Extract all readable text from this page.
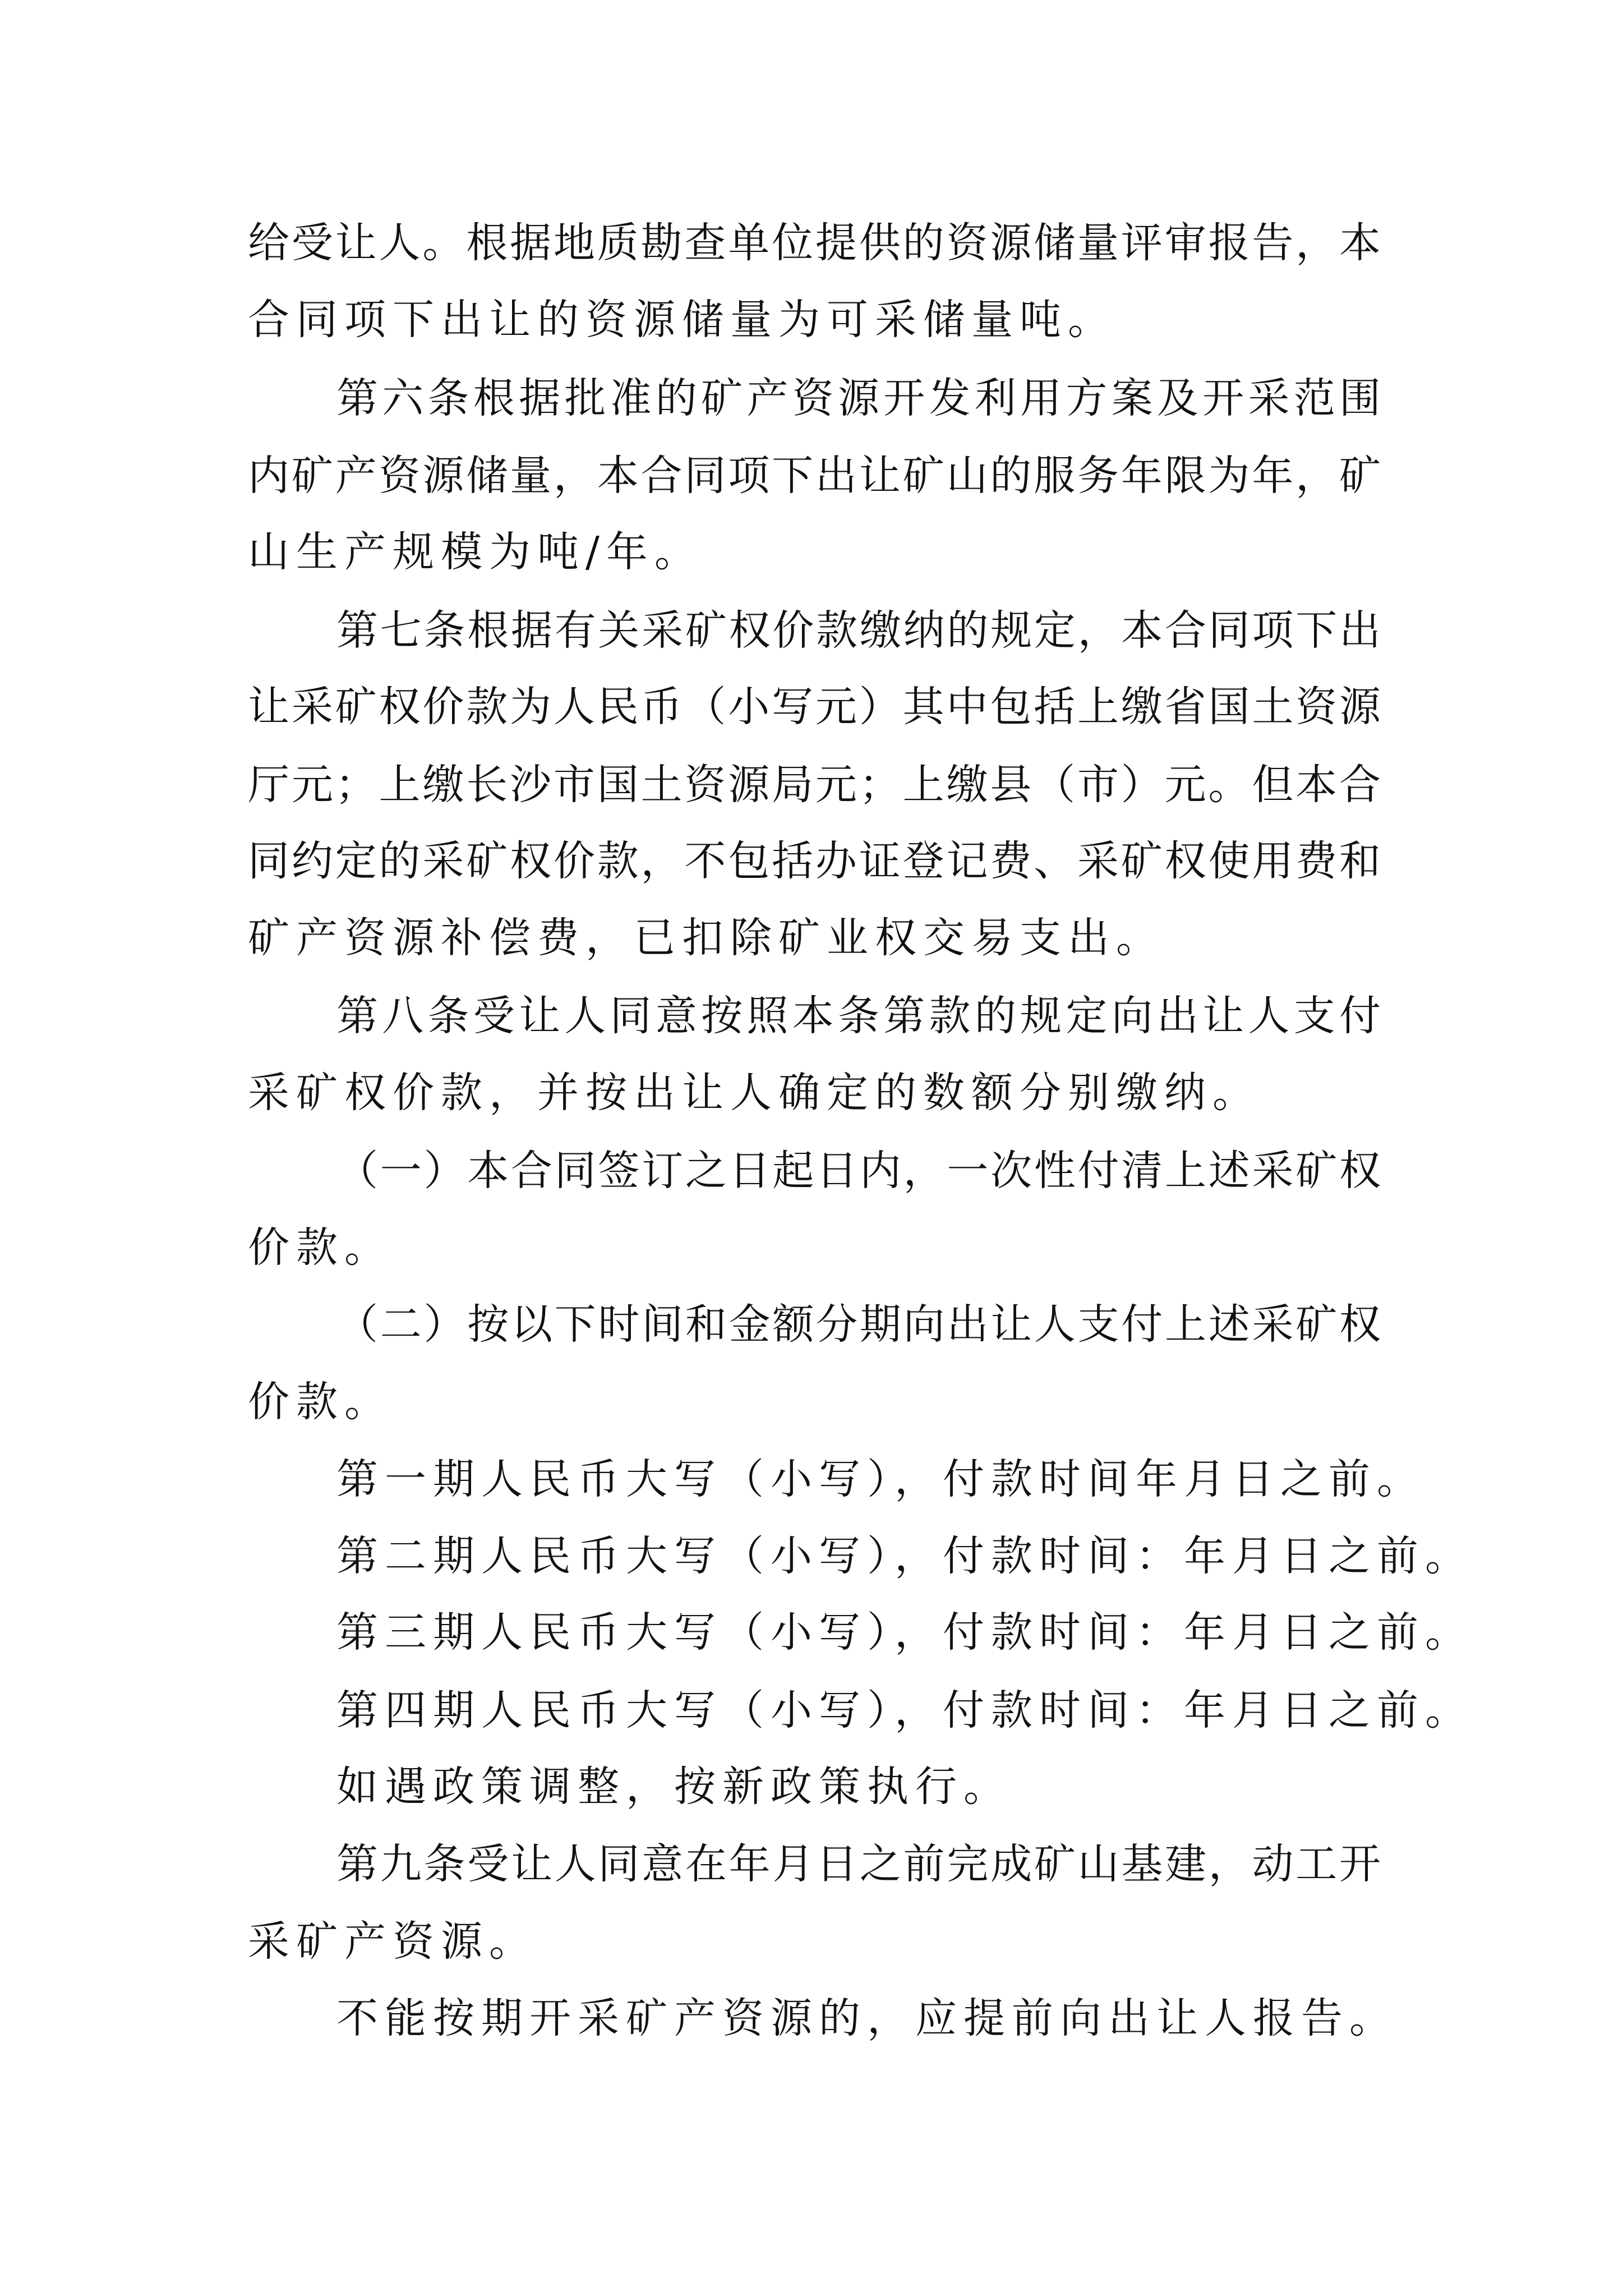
给受让人。根据地质勘查单位提供的资源储量评审报告，本
合同项下出让的资源储量为可采储量吨。
第六条根据批准的矿产资源开发利用方案及开采范围
内矿产资源储量，本合同项下出让矿山的服务年限为年，矿
山生产规模为吨/年。
第七条根据有关采矿权价款缴纳的规定，本合同项下出
让采矿权价款为人民币（小写元）其中包括上缴省国土资源
厅元；上缴长沙市国土资源局元；上缴县（市）元。但本合
同约定的采矿权价款，不包括办证登记费、采矿权使用费和
矿产资源补偿费，已扣除矿业权交易支出。
第八条受让人同意按照本条第款的规定向出让人支付
采矿权价款，并按出让人确定的数额分别缴纳。
（一）本合同签订之日起日内，一次性付清上述采矿权
价款。
（二）按以下时间和金额分期向出让人支付上述采矿权
价款。
第一期人民币大写（小写），付款时间年月日之前。
第二期人民币大写（小写），付款时间：年月日之前。
第三期人民币大写（小写），付款时间：年月日之前。
第四期人民币大写（小写），付款时间：年月日之前。
如遇政策调整，按新政策执行。
第九条受让人同意在年月日之前完成矿山基建，动工开
采矿产资源。
不能按期开采矿产资源的，应提前向出让人报告。
